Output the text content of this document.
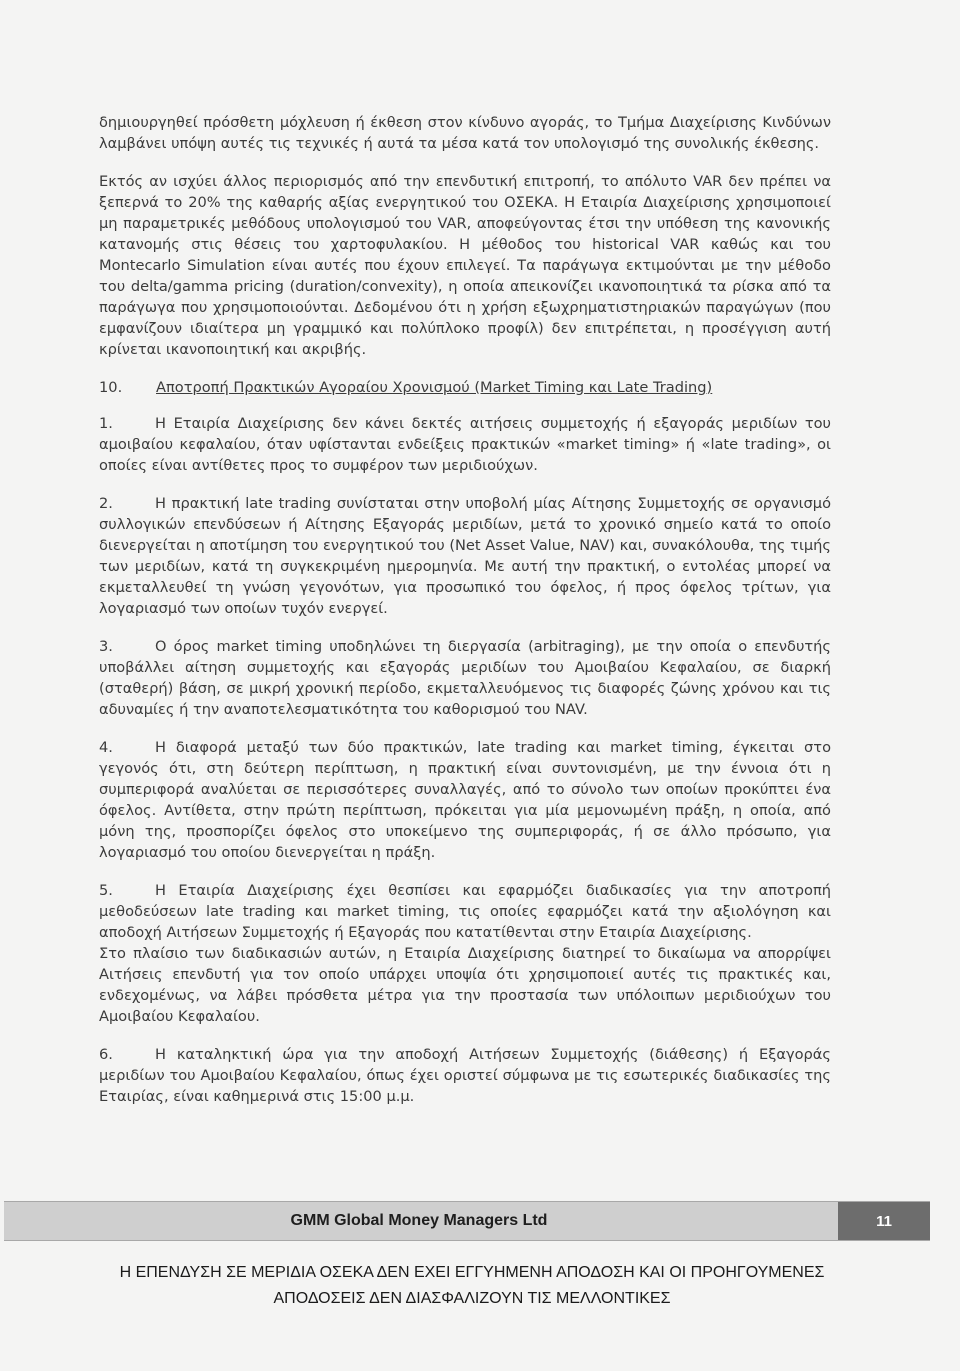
δημιουργηθεί πρόσθετη μόχλευση ή έκθεση στον κίνδυνο αγοράς, το Τμήμα Διαχείρισης Κινδύνων λαμβάνει υπόψη αυτές τις τεχνικές ή αυτά τα μέσα κατά τον υπολογισμό της συνολικής έκθεσης.

Εκτός αν ισχύει άλλος περιορισμός από την επενδυτική επιτροπή, το απόλυτο VAR δεν πρέπει να ξεπερνά το 20% της καθαρής αξίας ενεργητικού του ΟΣΕΚΑ. Η Εταιρία Διαχείρισης χρησιμοποιεί μη παραμετρικές μεθόδους υπολογισμού του VAR, αποφεύγοντας έτσι την υπόθεση της κανονικής κατανομής στις θέσεις του χαρτοφυλακίου. Η μέθοδος του historical VAR καθώς και του Montecarlo Simulation είναι αυτές που έχουν επιλεγεί. Τα παράγωγα εκτιμούνται με την μέθοδο του delta/gamma pricing (duration/convexity), η οποία απεικονίζει ικανοποιητικά τα ρίσκα από τα παράγωγα που χρησιμοποιούνται. Δεδομένου ότι η χρήση εξωχρηματιστηριακών παραγώγων (που εμφανίζουν ιδιαίτερα μη γραμμικό και πολύπλοκο προφίλ) δεν επιτρέπεται, η προσέγγιση αυτή κρίνεται ικανοποιητική και ακριβής.

10.	Αποτροπή Πρακτικών Αγοραίου Χρονισμού (Market Timing και Late Trading)

1.	Η Εταιρία Διαχείρισης δεν κάνει δεκτές αιτήσεις συμμετοχής ή εξαγοράς μεριδίων του αμοιβαίου κεφαλαίου, όταν υφίστανται ενδείξεις πρακτικών «market timing» ή «late trading», οι οποίες είναι αντίθετες προς το συμφέρον των μεριδιούχων.

2.	Η πρακτική late trading συνίσταται στην υποβολή μίας Αίτησης Συμμετοχής σε οργανισμό συλλογικών επενδύσεων ή Αίτησης Εξαγοράς μεριδίων, μετά το χρονικό σημείο κατά το οποίο διενεργείται η αποτίμηση του ενεργητικού του (Net Asset Value, NAV) και, συνακόλουθα, της τιμής των μεριδίων, κατά τη συγκεκριμένη ημερομηνία. Με αυτή την πρακτική, ο εντολέας μπορεί να εκμεταλλευθεί τη γνώση γεγονότων, για προσωπικό του όφελος, ή προς όφελος τρίτων, για λογαριασμό των οποίων τυχόν ενεργεί.

3.	Ο όρος market timing υποδηλώνει τη διεργασία (arbitraging), με την οποία ο επενδυτής υποβάλλει αίτηση συμμετοχής και εξαγοράς μεριδίων του Αμοιβαίου Κεφαλαίου, σε διαρκή (σταθερή) βάση, σε μικρή χρονική περίοδο, εκμεταλλευόμενος τις διαφορές ζώνης χρόνου και τις αδυναμίες ή την αναποτελεσματικότητα του καθορισμού του NAV.

4.	Η διαφορά μεταξύ των δύο πρακτικών, late trading και market timing, έγκειται στο γεγονός ότι, στη δεύτερη περίπτωση, η πρακτική είναι συντονισμένη, με την έννοια ότι η συμπεριφορά αναλύεται σε περισσότερες συναλλαγές, από το σύνολο των οποίων προκύπτει ένα όφελος. Αντίθετα, στην πρώτη περίπτωση, πρόκειται για μία μεμονωμένη πράξη, η οποία, από μόνη της, προσπορίζει όφελος στο υποκείμενο της συμπεριφοράς, ή σε άλλο πρόσωπο, για λογαριασμό του οποίου διενεργείται η πράξη.

5.	Η Εταιρία Διαχείρισης έχει θεσπίσει και εφαρμόζει διαδικασίες για την αποτροπή μεθοδεύσεων late trading και market timing, τις οποίες εφαρμόζει κατά την αξιολόγηση και αποδοχή Αιτήσεων Συμμετοχής ή Εξαγοράς που κατατίθενται στην Εταιρία Διαχείρισης.

Στο πλαίσιο των διαδικασιών αυτών, η Εταιρία Διαχείρισης διατηρεί το δικαίωμα να απορρίψει Αιτήσεις επενδυτή για τον οποίο υπάρχει υποψία ότι χρησιμοποιεί αυτές τις πρακτικές και, ενδεχομένως, να λάβει πρόσθετα μέτρα για την προστασία των υπόλοιπων μεριδιούχων του Αμοιβαίου Κεφαλαίου.

6.	Η καταληκτική ώρα για την αποδοχή Αιτήσεων Συμμετοχής (διάθεσης) ή Εξαγοράς μεριδίων του Αμοιβαίου Κεφαλαίου, όπως έχει οριστεί σύμφωνα με τις εσωτερικές διαδικασίες της Εταιρίας, είναι καθημερινά στις 15:00 μ.μ.

GMM Global Money Managers Ltd	11
Η ΕΠΕΝΔΥΣΗ ΣΕ ΜΕΡΙΔΙΑ ΟΣΕΚΑ ΔΕΝ ΕΧΕΙ ΕΓΓΥΗΜΕΝΗ ΑΠΟΔΟΣΗ ΚΑΙ ΟΙ ΠΡΟΗΓΟΥΜΕΝΕΣ
ΑΠΟΔΟΣΕΙΣ ΔΕΝ ΔΙΑΣΦΑΛΙΖΟΥΝ ΤΙΣ ΜΕΛΛΟΝΤΙΚΕΣ
